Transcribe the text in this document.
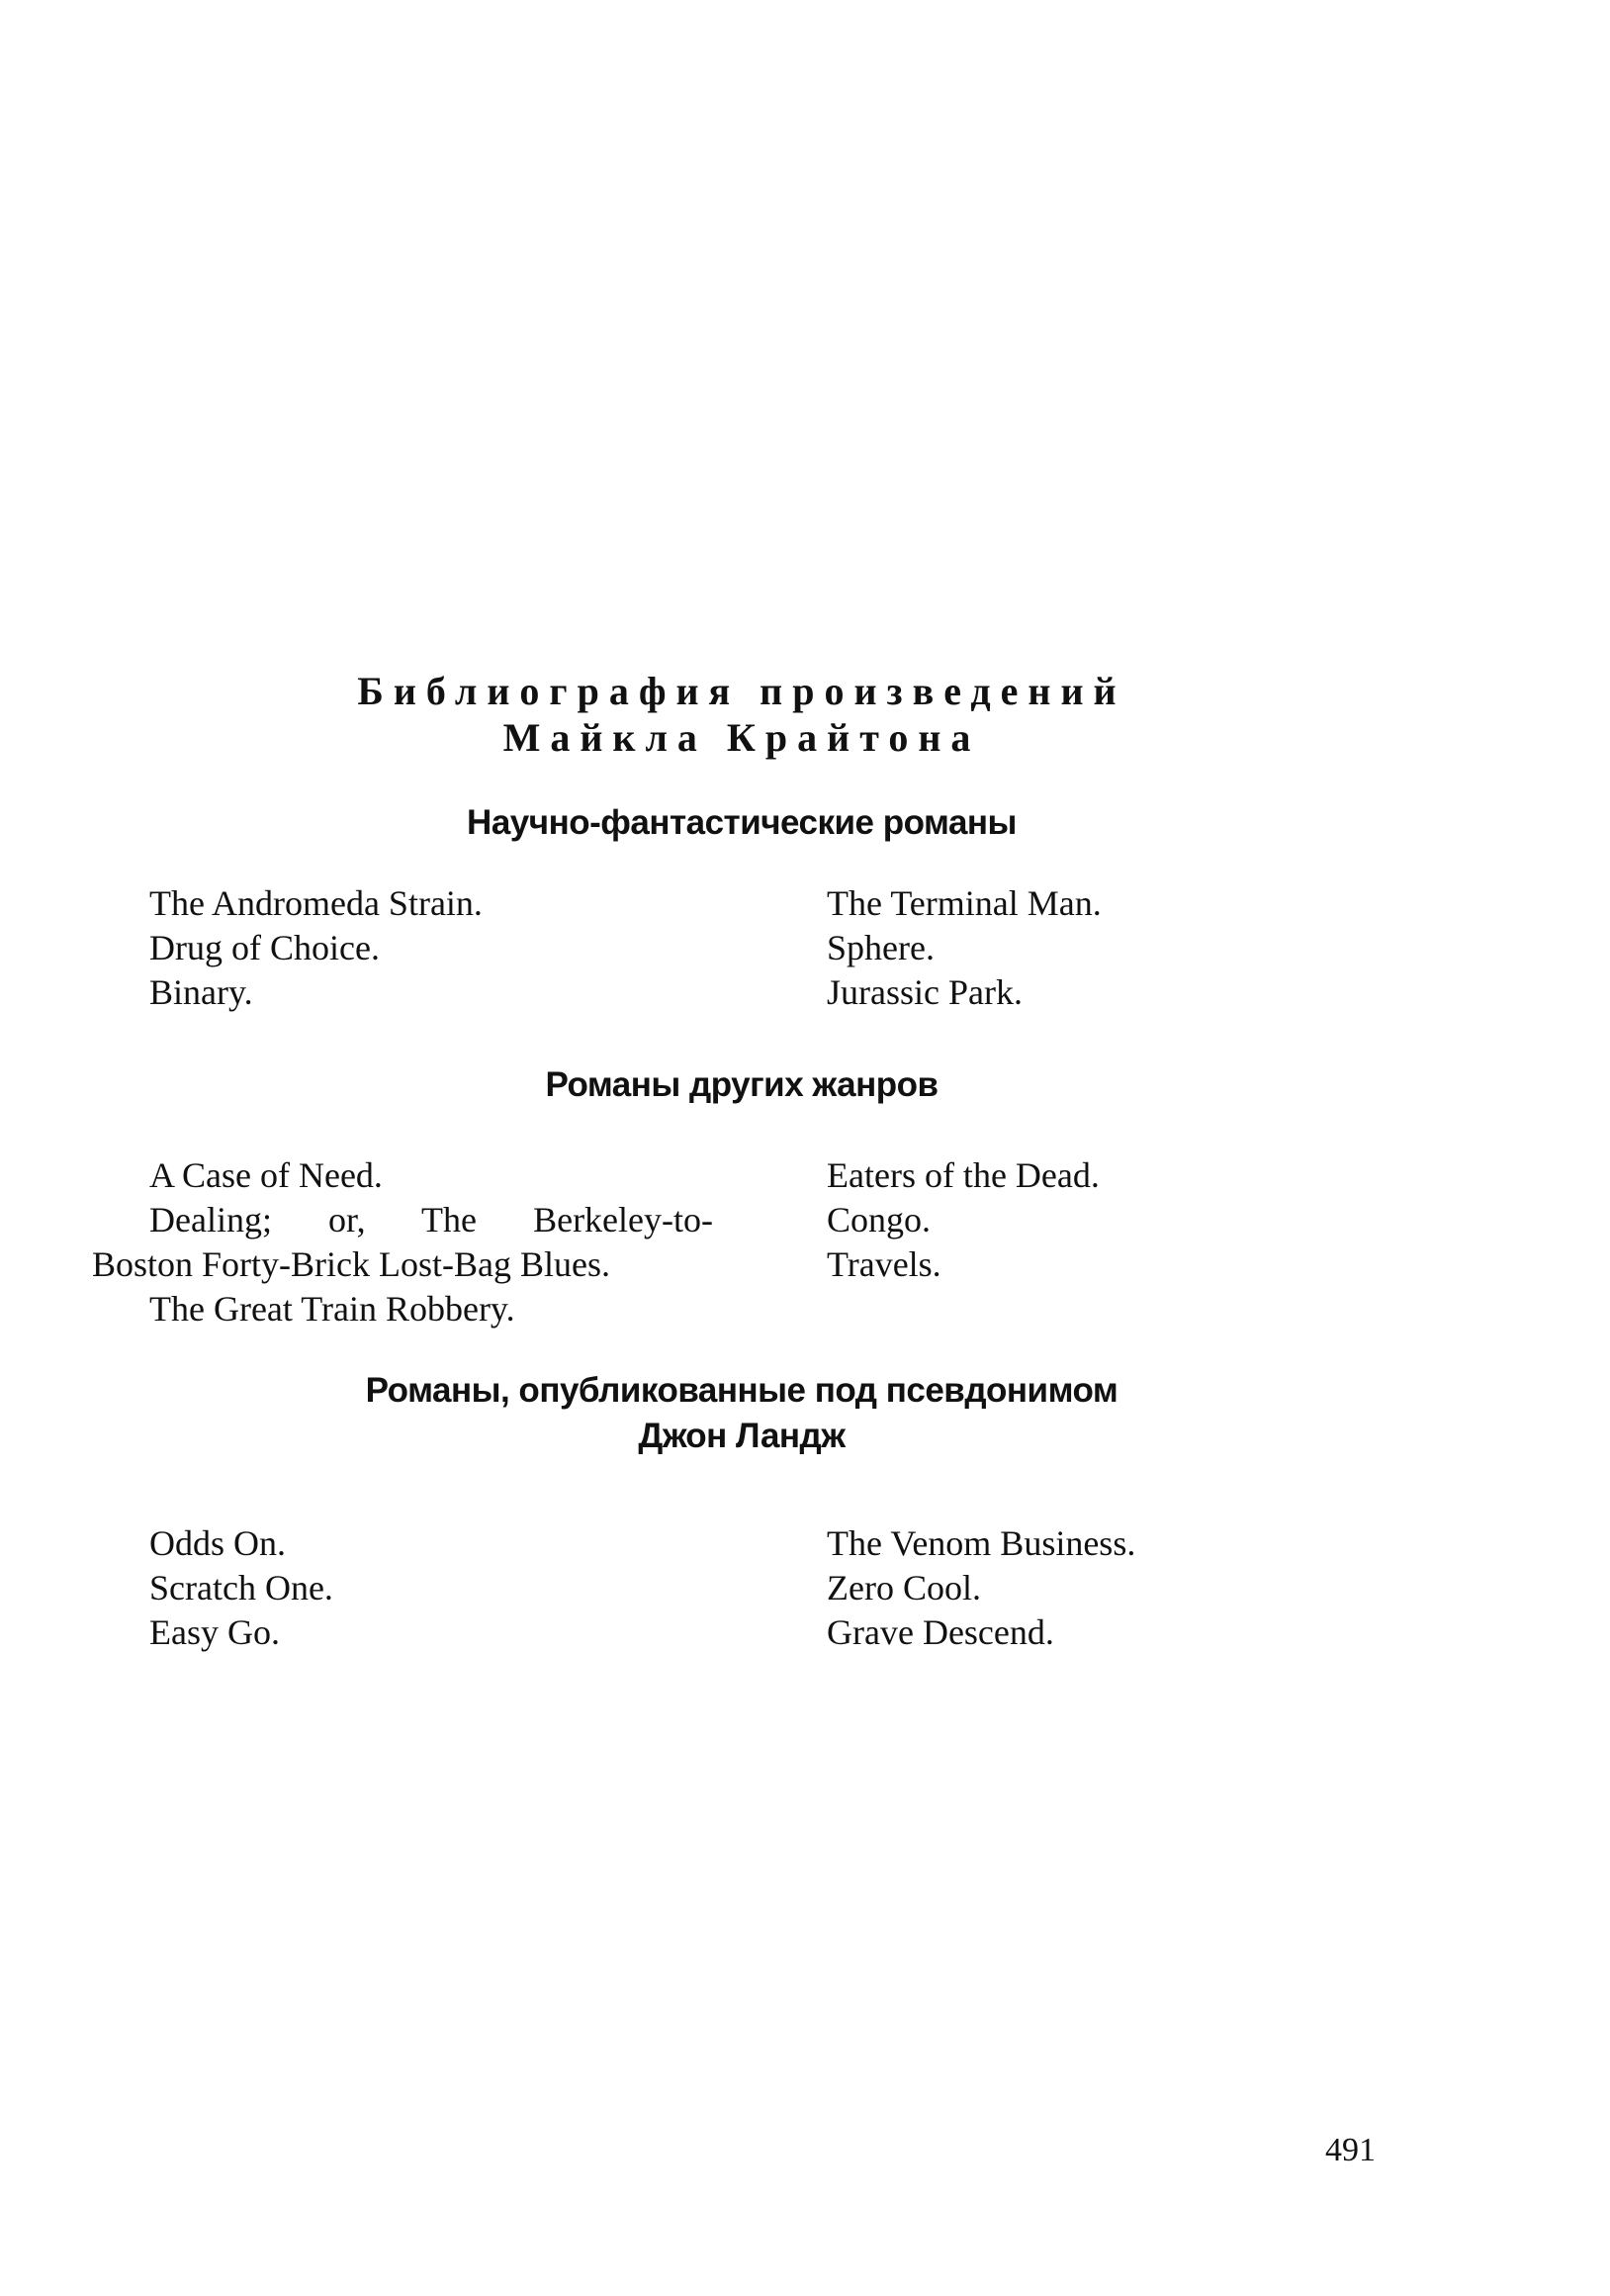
Библиография произведений
Майкла Крайтона
Научно-фантастические романы
The Andromeda Strain.
Drug of Choice.
Binary.
The Terminal Man.
Sphere.
Jurassic Park.
Романы других жанров
A Case of Need.
Dealing; or, The Berkeley-to-
Boston Forty-Brick Lost-Bag Blues.
The Great Train Robbery.
Eaters of the Dead.
Congo.
Travels.
Романы, опубликованные под псевдонимом
Джон Ландж
Odds On.
Scratch One.
Easy Go.
The Venom Business.
Zero Cool.
Grave Descend.
491
